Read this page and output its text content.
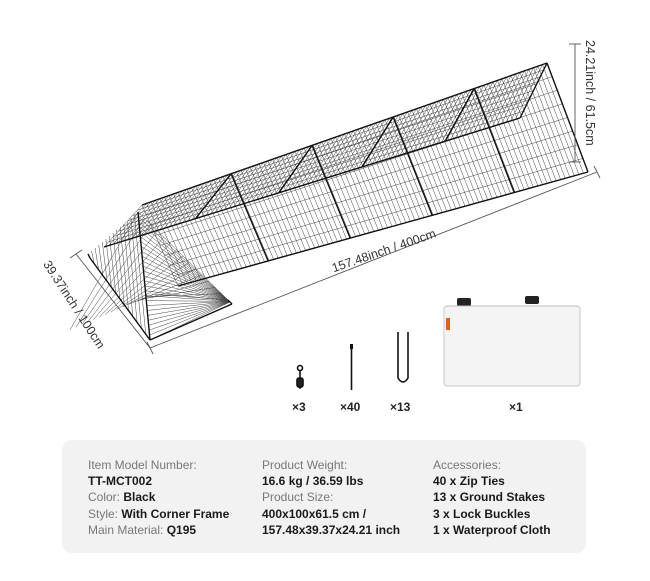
157.48inch / 400cm
39.37inch / 100cm
24.21inch / 61.5cm
×3	×40 ×13	×1
Item Model Number:
TT-MCT002
Color: Black
Style: With Corner Frame
Main Material: Q195
Product Weight:
16.6 kg / 36.59 lbs
Product Size:
400x100x61.5 cm /
157.48x39.37x24.21 inch
Accessories:
40 x Zip Ties
13 x Ground Stakes
3 x Lock Buckles
1 x Waterproof Cloth
